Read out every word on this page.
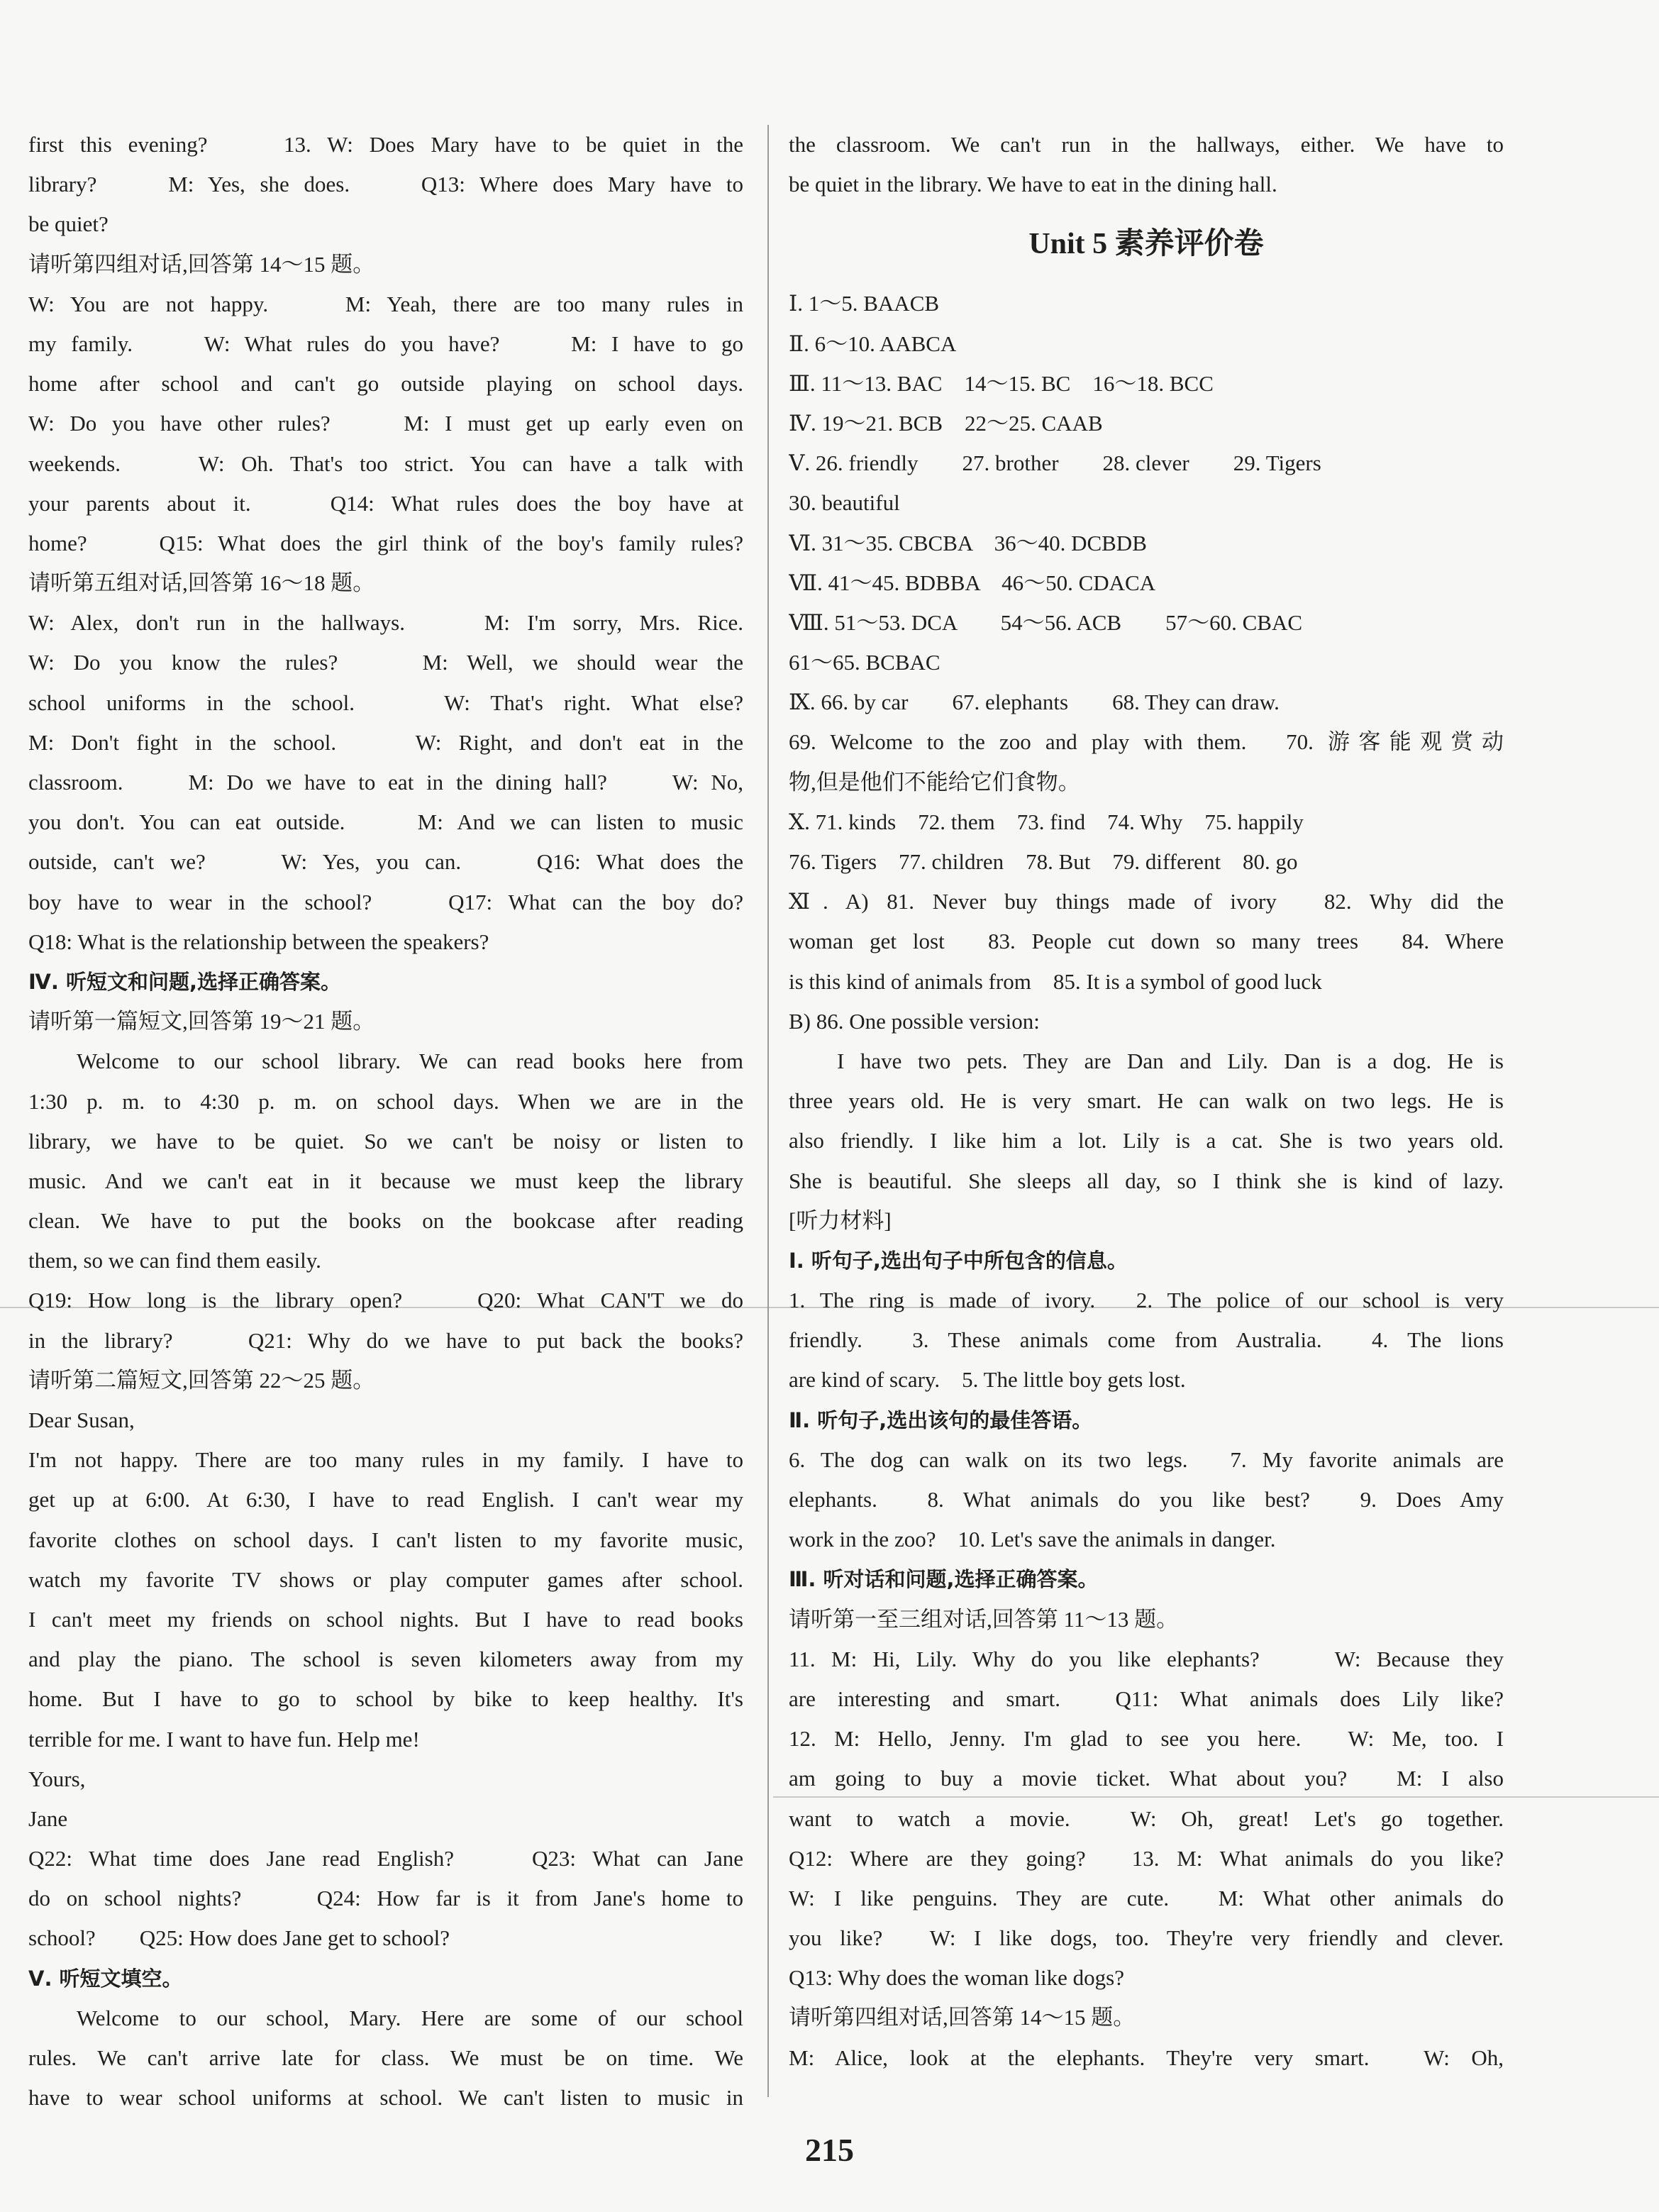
first this evening?　　13. W: Does Mary have to be quiet in the
library?　　M: Yes, she does.　　Q13: Where does Mary have to
be quiet?
请听第四组对话,回答第 14～15 题。
W: You are not happy.　　M: Yeah, there are too many rules in
my family.　　W: What rules do you have?　　M: I have to go
home after school and can't go outside playing on school days.
W: Do you have other rules?　　M: I must get up early even on
weekends.　　W: Oh. That's too strict. You can have a talk with
your parents about it.　　Q14: What rules does the boy have at
home?　　Q15: What does the girl think of the boy's family rules?
请听第五组对话,回答第 16～18 题。
W: Alex, don't run in the hallways.　　M: I'm sorry, Mrs. Rice.
W: Do you know the rules?　　M: Well, we should wear the
school uniforms in the school.　　W: That's right. What else?
M: Don't fight in the school.　　W: Right, and don't eat in the
classroom.　　M: Do we have to eat in the dining hall?　　W: No,
you don't. You can eat outside.　　M: And we can listen to music
outside, can't we?　　W: Yes, you can.　　Q16: What does the
boy have to wear in the school?　　Q17: What can the boy do?
Q18: What is the relationship between the speakers?
Ⅳ. 听短文和问题,选择正确答案。
请听第一篇短文,回答第 19～21 题。
Welcome to our school library. We can read books here from
1:30 p. m. to 4:30 p. m. on school days. When we are in the
library, we have to be quiet. So we can't be noisy or listen to
music. And we can't eat in it because we must keep the library
clean. We have to put the books on the bookcase after reading
them, so we can find them easily.
Q19: How long is the library open?　　Q20: What CAN'T we do
in the library?　　Q21: Why do we have to put back the books?
请听第二篇短文,回答第 22～25 题。
Dear Susan,
I'm not happy. There are too many rules in my family. I have to
get up at 6:00. At 6:30, I have to read English. I can't wear my
favorite clothes on school days. I can't listen to my favorite music,
watch my favorite TV shows or play computer games after school.
I can't meet my friends on school nights. But I have to read books
and play the piano. The school is seven kilometers away from my
home. But I have to go to school by bike to keep healthy. It's
terrible for me. I want to have fun. Help me!
Yours,
Jane
Q22: What time does Jane read English?　　Q23: What can Jane
do on school nights?　　Q24: How far is it from Jane's home to
school?　　Q25: How does Jane get to school?
Ⅴ. 听短文填空。
Welcome to our school, Mary. Here are some of our school
rules. We can't arrive late for class. We must be on time. We
have to wear school uniforms at school. We can't listen to music in
the classroom. We can't run in the hallways, either. We have to
be quiet in the library. We have to eat in the dining hall.
Unit 5 素养评价卷
Ⅰ. 1～5. BAACB
Ⅱ. 6～10. AABCA
Ⅲ. 11～13. BAC　14～15. BC　16～18. BCC
Ⅳ. 19～21. BCB　22～25. CAAB
Ⅴ. 26. friendly　　27. brother　　28. clever　　29. Tigers
30. beautiful
Ⅵ. 31～35. CBCBA　36～40. DCBDB
Ⅶ. 41～45. BDBBA　46～50. CDACA
Ⅷ. 51～53. DCA　　54～56. ACB　　57～60. CBAC
61～65. BCBAC
Ⅸ. 66. by car　　67. elephants　　68. They can draw.
69. Welcome to the zoo and play with them.　70. 游客能观赏动
物,但是他们不能给它们食物。
Ⅹ. 71. kinds　72. them　73. find　74. Why　75. happily
76. Tigers　77. children　78. But　79. different　80. go
Ⅺ. A) 81. Never buy things made of ivory　82. Why did the
woman get lost　83. People cut down so many trees　84. Where
is this kind of animals from　85. It is a symbol of good luck
B) 86. One possible version:
I have two pets. They are Dan and Lily. Dan is a dog. He is
three years old. He is very smart. He can walk on two legs. He is
also friendly. I like him a lot. Lily is a cat. She is two years old.
She is beautiful. She sleeps all day, so I think she is kind of lazy.
[听力材料]
Ⅰ. 听句子,选出句子中所包含的信息。
1. The ring is made of ivory.　2. The police of our school is very
friendly.　3. These animals come from Australia.　4. The lions
are kind of scary.　5. The little boy gets lost.
Ⅱ. 听句子,选出该句的最佳答语。
6. The dog can walk on its two legs.　7. My favorite animals are
elephants.　8. What animals do you like best?　9. Does Amy
work in the zoo?　10. Let's save the animals in danger.
Ⅲ. 听对话和问题,选择正确答案。
请听第一至三组对话,回答第 11～13 题。
11. M: Hi, Lily. Why do you like elephants?　　W: Because they
are interesting and smart.　Q11: What animals does Lily like?
12. M: Hello, Jenny. I'm glad to see you here.　W: Me, too. I
am going to buy a movie ticket. What about you?　M: I also
want to watch a movie.　W: Oh, great! Let's go together.
Q12: Where are they going?　13. M: What animals do you like?
W: I like penguins. They are cute.　M: What other animals do
you like?　W: I like dogs, too. They're very friendly and clever.
Q13: Why does the woman like dogs?
请听第四组对话,回答第 14～15 题。
M: Alice, look at the elephants. They're very smart.　W: Oh,
215
